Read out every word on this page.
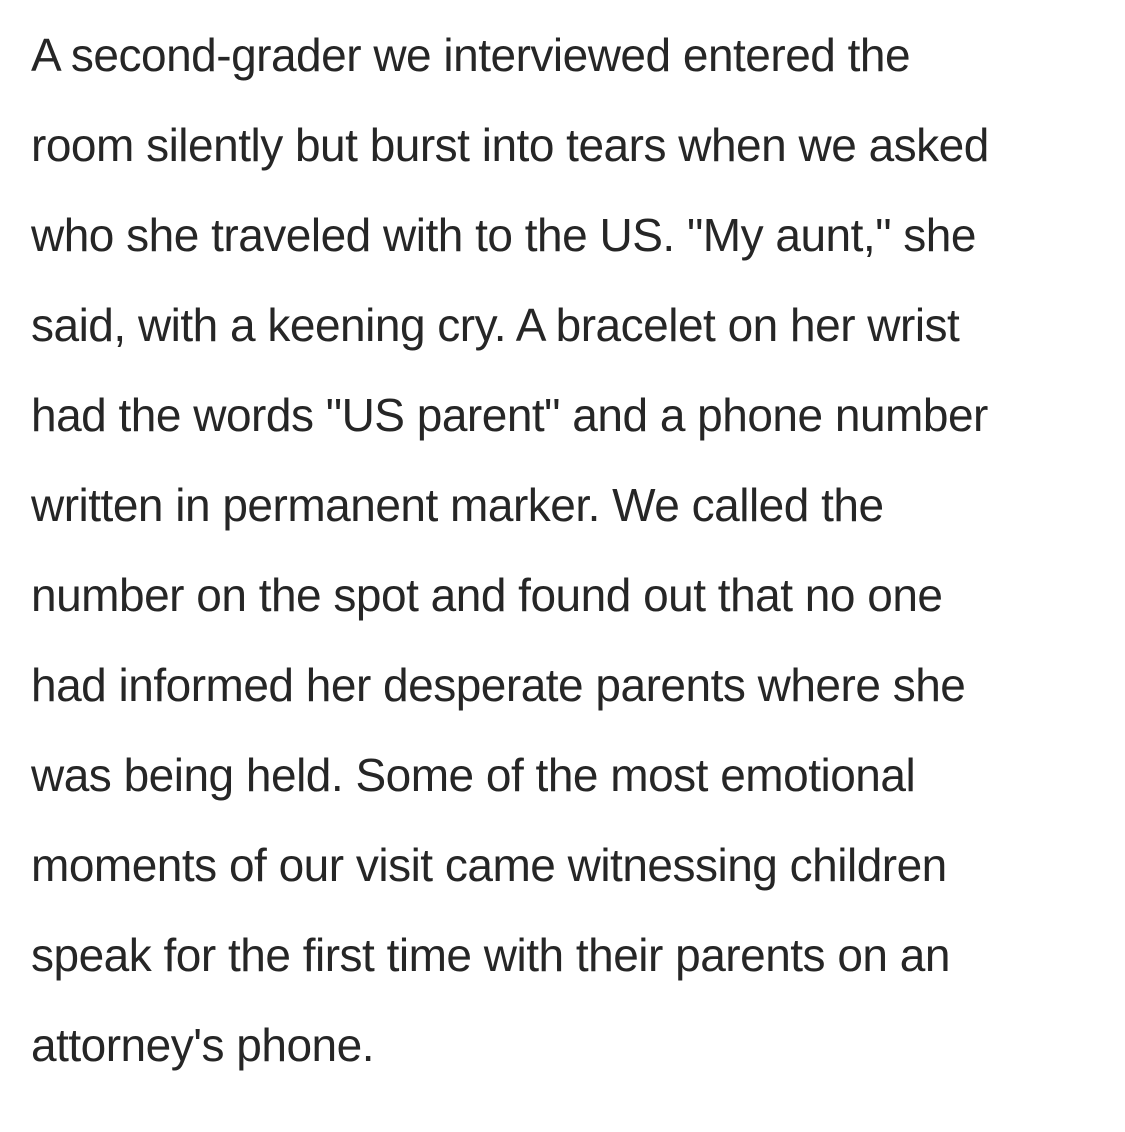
A second-grader we interviewed entered the
room silently but burst into tears when we asked
who she traveled with to the US. "My aunt," she
said, with a keening cry. A bracelet on her wrist
had the words "US parent" and a phone number
written in permanent marker. We called the
number on the spot and found out that no one
had informed her desperate parents where she
was being held. Some of the most emotional
moments of our visit came witnessing children
speak for the first time with their parents on an
attorney's phone.
